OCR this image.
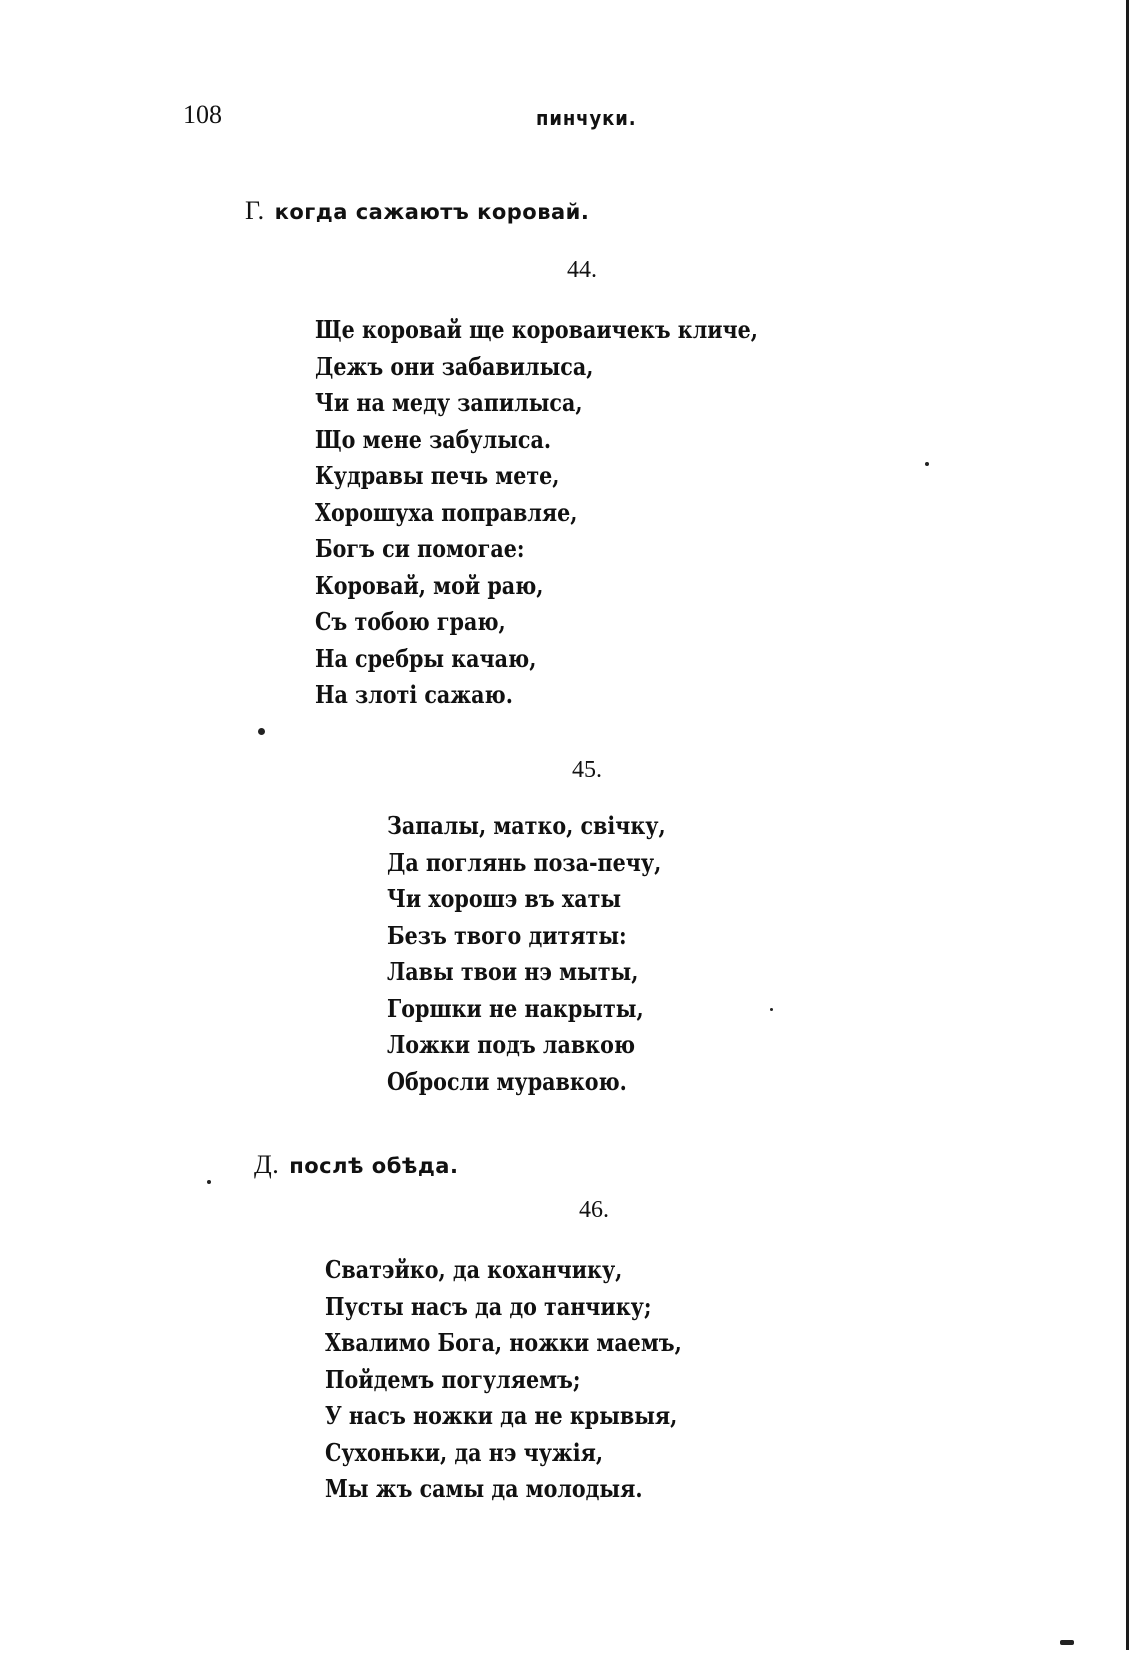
108	пинчуки.
Г. когда сажаютъ коровай.
44.
Ще коровай ще короваичекъ кличе,
Дежъ они забавилыса,
Чи на меду запилыса,
Що мене забулыса.
Кудравы печь мете,
Хорошуха поправляе,
Богъ си помогае:
Коровай, мой раю,
Съ тобою граю,
На сребры качаю,
На злоті сажаю.
45.
Запалы, матко, свічку,
Да поглянь поза-печу,
Чи хорошэ въ хаты
Безъ твого дитяты:
Лавы твои нэ мыты,
Горшки не накрыты,
Ложки подъ лавкою
Обросли муравкою.
Д. послѣ обѣда.
46.
Сватэйко, да коханчику,
Пусты насъ да до танчику;
Хвалимо Бога, ножки маемъ,
Пойдемъ погуляемъ;
У насъ ножки да не крывыя,
Сухоньки, да нэ чужія,
Мы жъ самы да молодыя.
